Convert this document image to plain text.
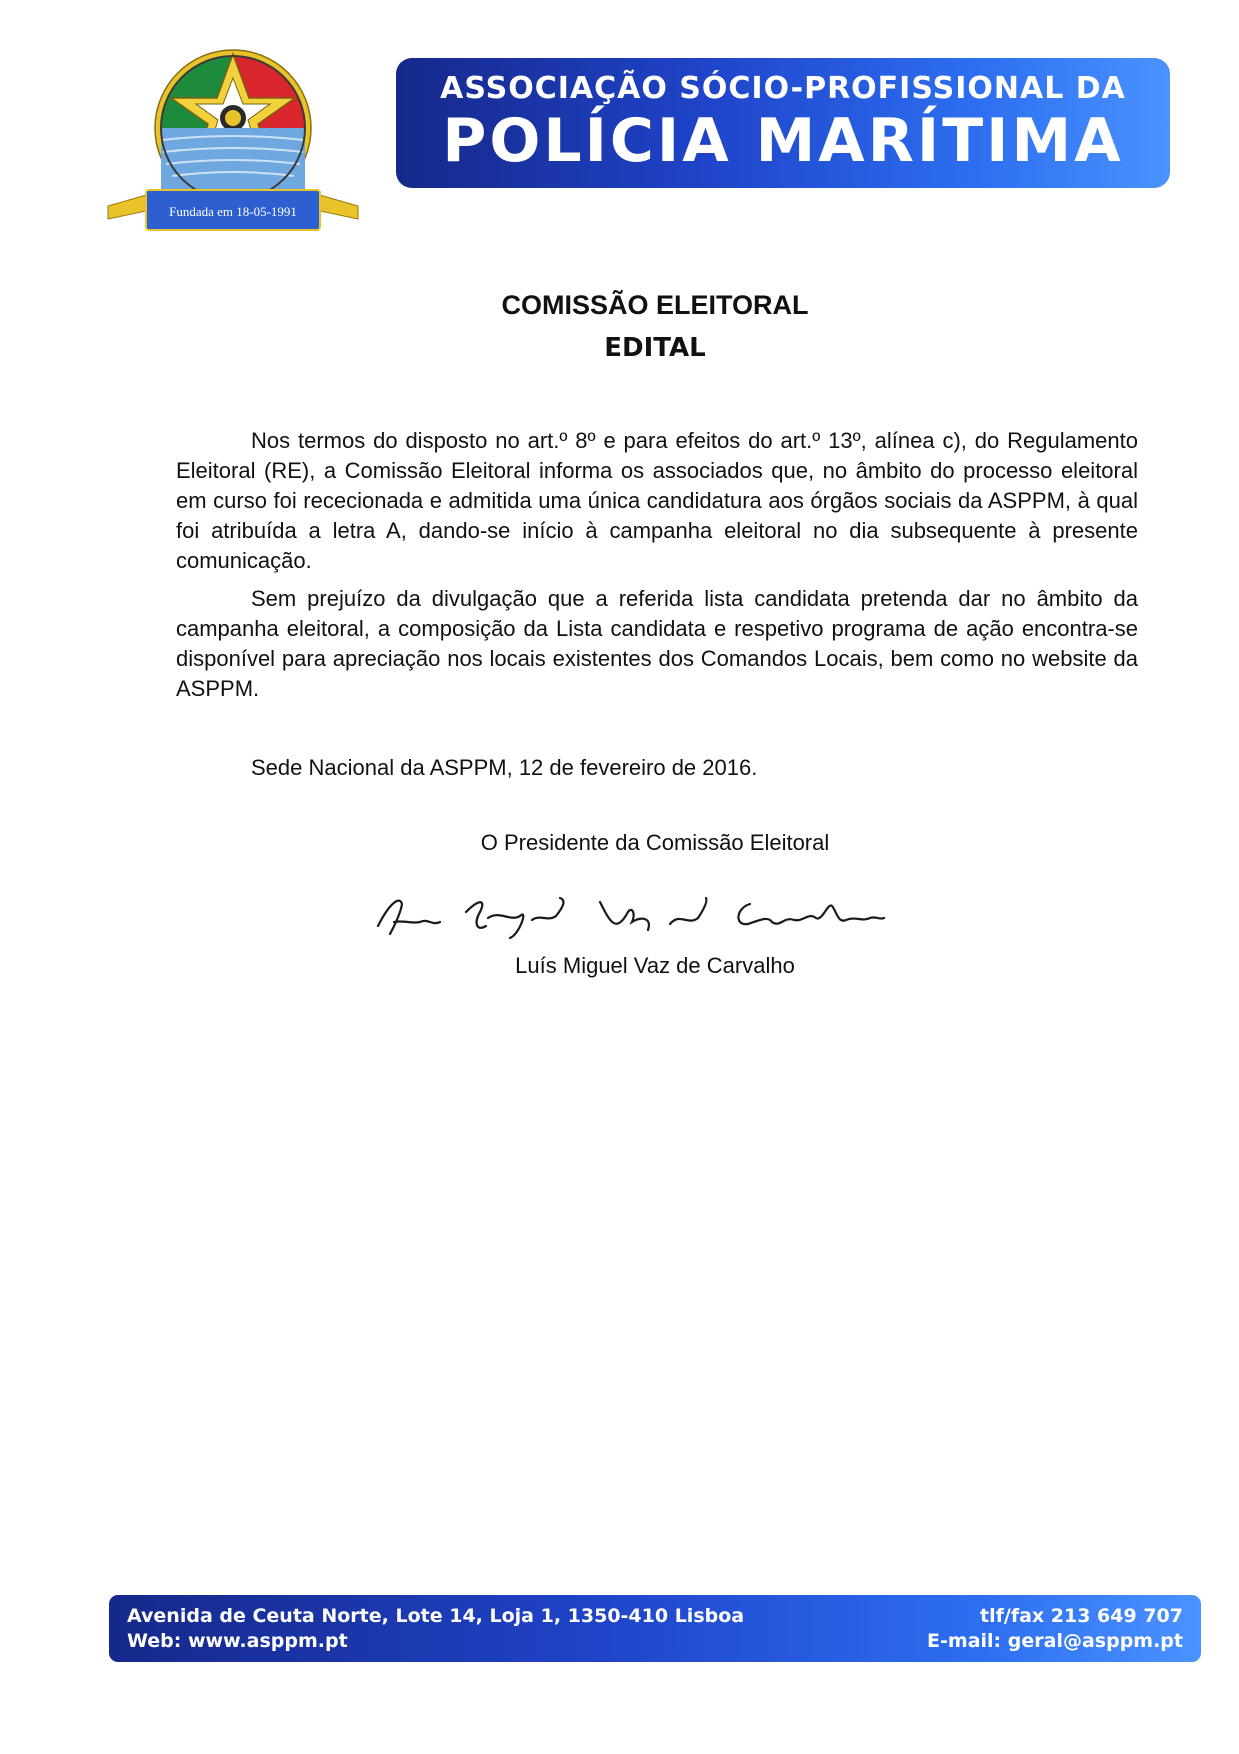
Fundada em 18-05-1991
ASSOCIAÇÃO SÓCIO-PROFISSIONAL DA
POLÍCIA MARÍTIMA
COMISSÃO ELEITORAL
EDITAL

Nos termos do disposto no art.º 8º e para efeitos do art.º 13º, alínea c), do Regulamento Eleitoral (RE), a Comissão Eleitoral informa os associados que, no âmbito do processo eleitoral em curso foi rececionada e admitida uma única candidatura aos órgãos sociais da ASPPM, à qual foi atribuída a letra A, dando-se início à campanha eleitoral no dia subsequente à presente comunicação.

Sem prejuízo da divulgação que a referida lista candidata pretenda dar no âmbito da campanha eleitoral, a composição da Lista candidata e respetivo programa de ação encontra-se disponível para apreciação nos locais existentes dos Comandos Locais, bem como no website da ASPPM.

Sede Nacional da ASPPM, 12 de fevereiro de 2016.
O Presidente da Comissão Eleitoral
Luís Miguel Vaz de Carvalho
Avenida de Ceuta Norte, Lote 14, Loja 1, 1350-410 Lisboa
Web: www.asppm.pt
tlf/fax 213 649 707
E-mail: geral@asppm.pt
